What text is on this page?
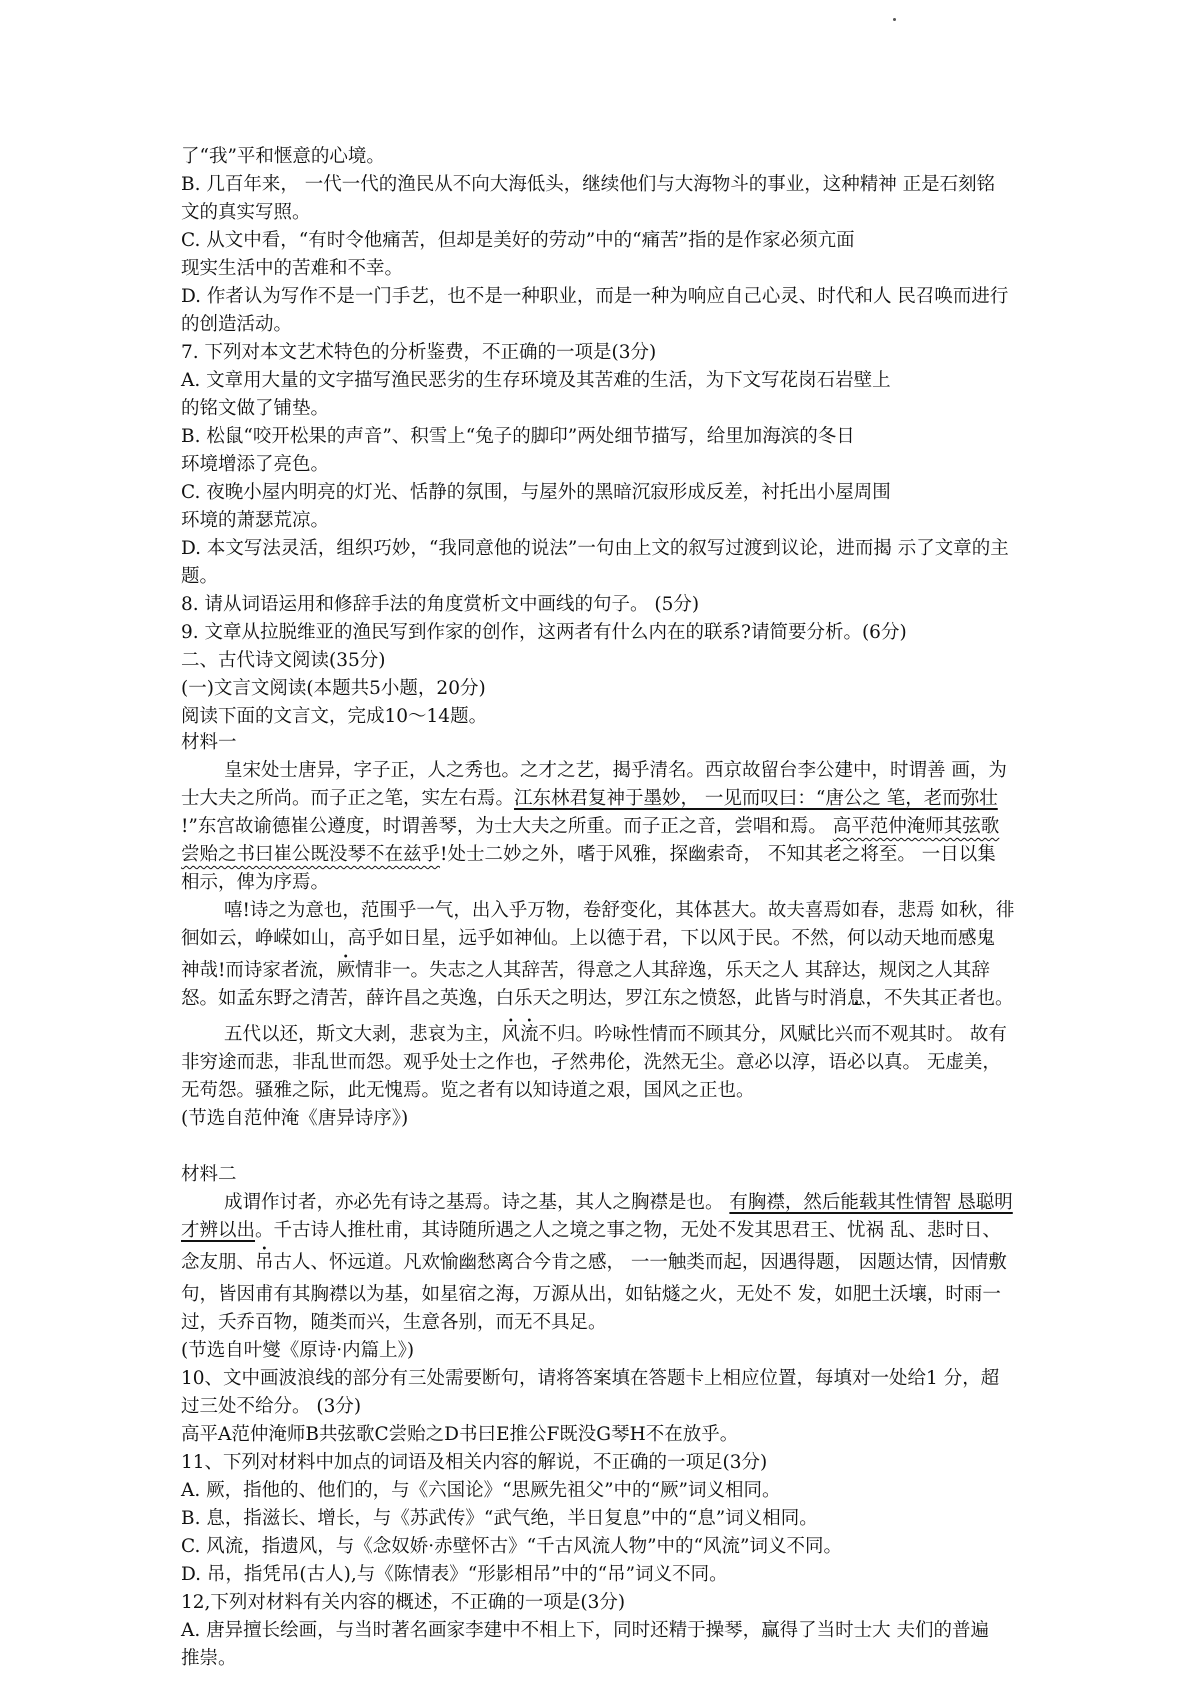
了“我”平和惬意的心境。
B. 几百年来， 一代一代的渔民从不向大海低头，继续他们与大海物斗的事业，这种精神 正是石刻铭
文的真实写照。
C. 从文中看，“有时令他痛苦，但却是美好的劳动”中的“痛苦”指的是作家必须亢面
现实生活中的苦难和不幸。
D. 作者认为写作不是一门手艺，也不是一种职业，而是一种为响应自己心灵、时代和人 民召唤而进行
的创造活动。
7. 下列对本文艺术特色的分析鉴费，不正确的一项是(3分)
A. 文章用大量的文字描写渔民恶劣的生存环境及其苦难的生活，为下文写花岗石岩壁上
的铭文做了铺垫。
B. 松鼠“咬开松果的声音”、积雪上“兔子的脚印”两处细节描写，给里加海滨的冬日
环境增添了亮色。
C. 夜晚小屋内明亮的灯光、恬静的氛围，与屋外的黑暗沉寂形成反差，衬托出小屋周围
环境的萧瑟荒凉。
D. 本文写法灵活，组织巧妙，“我同意他的说法”一句由上文的叙写过渡到议论，进而揭 示了文章的主
题。
8. 请从词语运用和修辞手法的角度赏析文中画线的句子。 (5分)
9. 文章从拉脱维亚的渔民写到作家的创作，这两者有什么内在的联系?请简要分析。(6分)
二、古代诗文阅读(35分)
(一)文言文阅读(本题共5小题，20分)
阅读下面的文言文，完成10～14题。
材料一
皇宋处士唐异，字子正，人之秀也。之才之艺，揭乎清名。西京故留台李公建中，时谓善 画，为
士大夫之所尚。而子正之笔，实左右焉。江东林君复神于墨妙， 一见而叹曰：“唐公之 笔，老而弥壮
!”东宫故谕德崔公遵度，时谓善琴，为士大夫之所重。而子正之音，尝唱和焉。 高平范仲淹师其弦歌
尝贻之书曰崔公既没琴不在兹乎!处士二妙之外，嗜于风雅，探幽索奇， 不知其老之将至。 一日以集
相示，俾为序焉。
嘻!诗之为意也，范围乎一气，出入乎万物，卷舒变化，其体甚大。故夫喜焉如春，悲焉 如秋，徘
徊如云，峥嵘如山，高乎如日星，远乎如神仙。上以德于君，下以风于民。不然，何以动天地而感鬼
神哉!而诗家者流，厥情非一。失志之人其辞苦，得意之人其辞逸，乐天之人 其辞达，规闵之人其辞
怒。如孟东野之清苦，薛许昌之英逸，白乐天之明达，罗江东之愤怒，此皆与时消息，不失其正者也。
五代以还，斯文大剥，悲哀为主，风流不归。吟咏性情而不顾其分，风赋比兴而不观其时。 故有
非穷途而悲，非乱世而怨。观乎处士之作也，孑然弗伦，洗然无尘。意必以淳，语必以真。 无虚美，
无苟怨。骚雅之际，此无愧焉。览之者有以知诗道之艰，国风之正也。
(节选自范仲淹《唐异诗序》)
材料二
成谓作讨者，亦必先有诗之基焉。诗之基，其人之胸襟是也。 有胸襟，然后能载其性情智 恳聪明
才辨以出。千古诗人推杜甫，其诗随所遇之人之境之事之物，无处不发其思君王、忧祸 乱、悲时日、
念友朋、吊古人、怀远道。凡欢愉幽愁离合今肯之感， 一一触类而起，因遇得题， 因题达情，因情敷
句，皆因甫有其胸襟以为基，如星宿之海，万源从出，如钻燧之火，无处不 发，如肥土沃壤，时雨一
过，夭乔百物，随类而兴，生意各别，而无不具足。
(节选自叶燮《原诗·内篇上》)
10、文中画波浪线的部分有三处需要断句，请将答案填在答题卡上相应位置，每填对一处给1 分，超
过三处不给分。 (3分)
高平A范仲淹师B共弦歌C尝贻之D书曰E推公F既没G琴H不在放乎。
11、下列对材料中加点的词语及相关内容的解说，不正确的一项足(3分)
A. 厥，指他的、他们的，与《六国论》“思厥先祖父”中的“厥”词义相同。
B. 息，指滋长、增长，与《苏武传》“武气绝，半日复息”中的“息”词义相同。
C. 风流，指遗风，与《念奴娇·赤壁怀古》“千古风流人物”中的“风流”词义不同。
D. 吊，指凭吊(古人),与《陈情表》“形影相吊”中的“吊”词义不同。
12,下列对材料有关内容的概述，不正确的一项是(3分)
A. 唐异擅长绘画，与当时著名画家李建中不相上下，同时还精于操琴，赢得了当时士大 夫们的普遍
推崇。
